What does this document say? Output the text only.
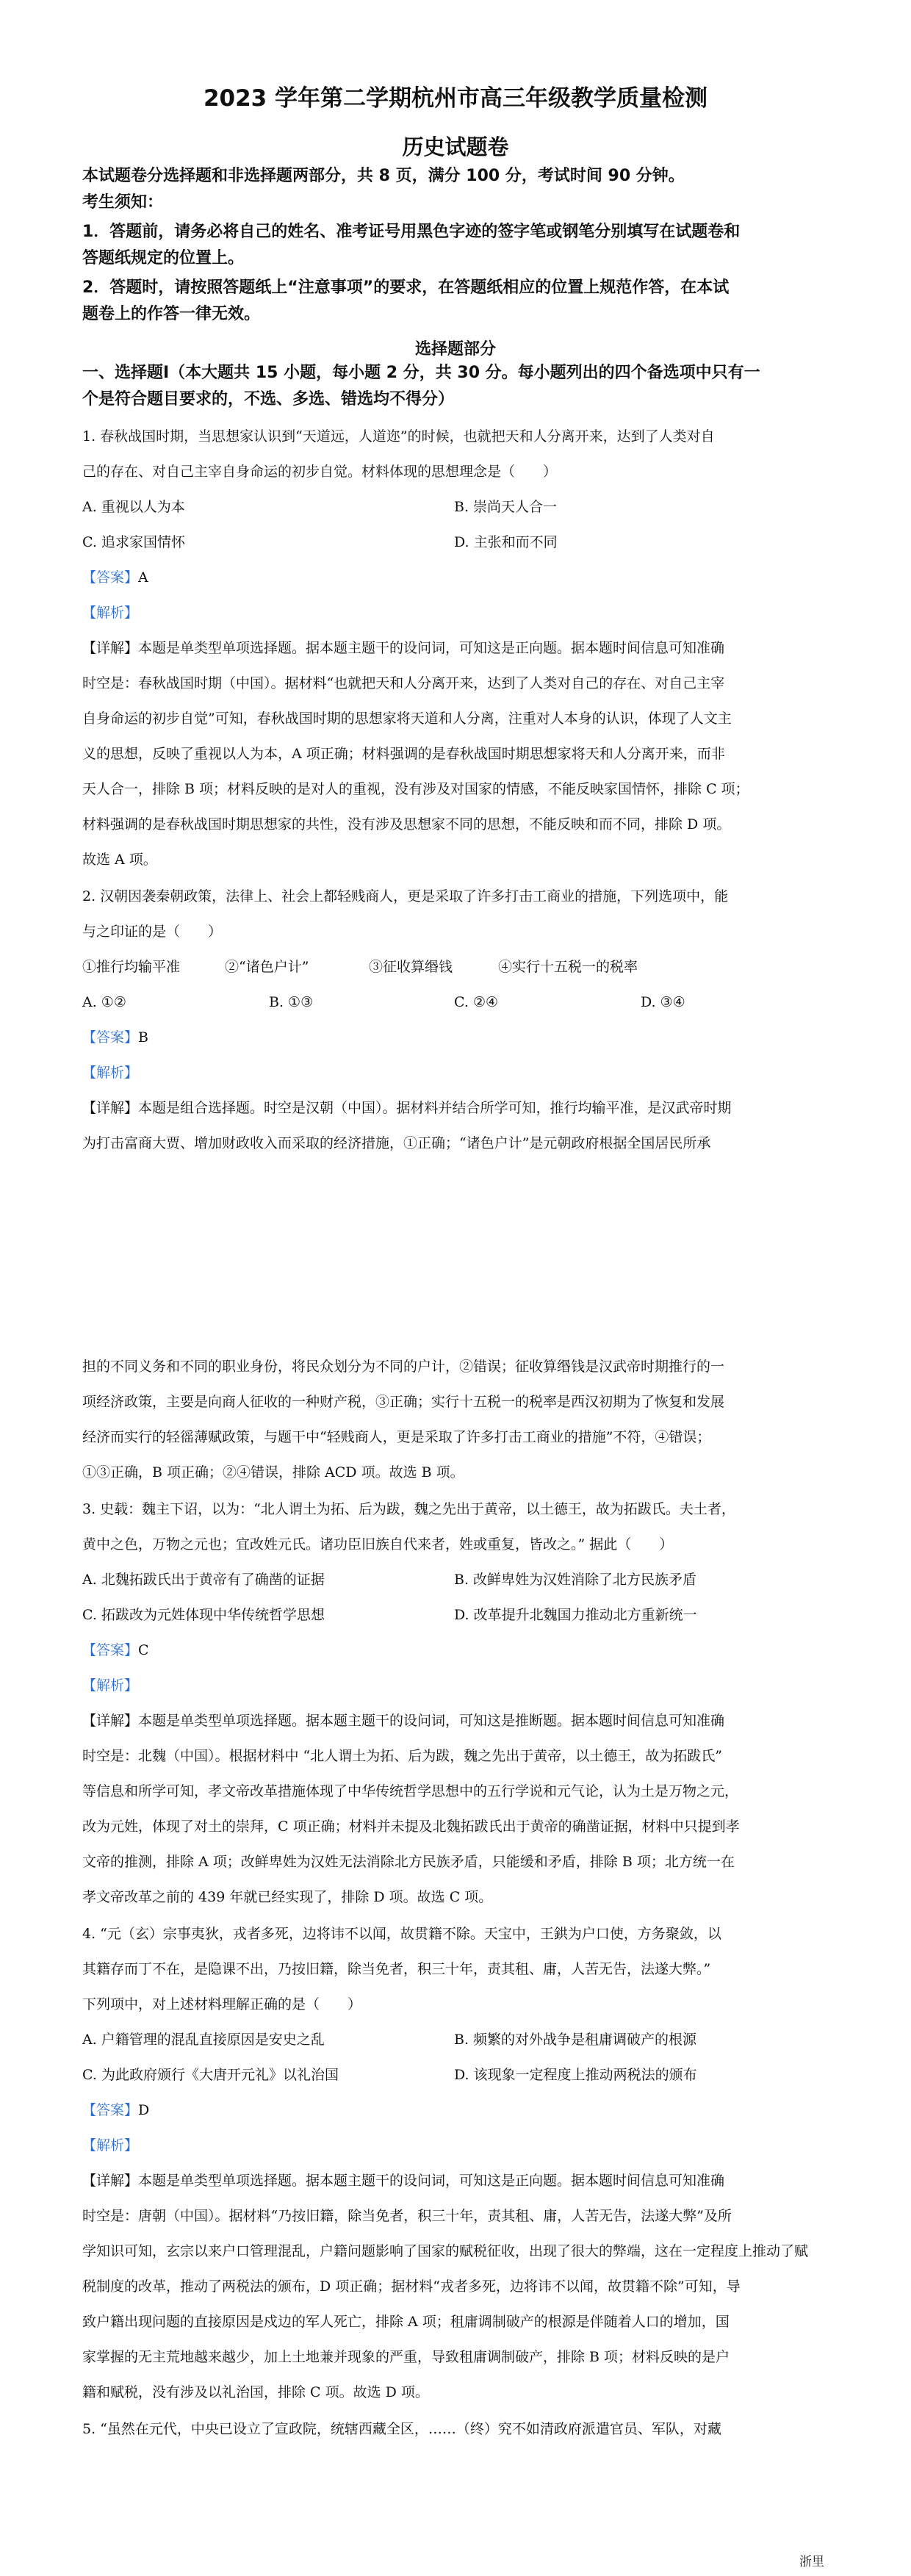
2023 学年第二学期杭州市高三年级教学质量检测
历史试题卷
本试题卷分选择题和非选择题两部分，共 8 页，满分 100 分，考试时间 90 分钟。
考生须知：
1．答题前，请务必将自己的姓名、准考证号用黑色字迹的签字笔或钢笔分别填写在试题卷和
答题纸规定的位置上。
2．答题时，请按照答题纸上“注意事项”的要求，在答题纸相应的位置上规范作答，在本试
题卷上的作答一律无效。
选择题部分
一、选择题Ⅰ（本大题共 15 小题，每小题 2 分，共 30 分。每小题列出的四个备选项中只有一
个是符合题目要求的，不选、多选、错选均不得分）
1. 春秋战国时期，当思想家认识到“天道远，人道迩”的时候，也就把天和人分离开来，达到了人类对自
己的存在、对自己主宰自身命运的初步自觉。材料体现的思想理念是（　　）
A. 重视以人为本	B. 崇尚天人合一
C. 追求家国情怀	D. 主张和而不同
【答案】A
【解析】
【详解】本题是单类型单项选择题。据本题主题干的设问词，可知这是正向题。据本题时间信息可知准确
时空是：春秋战国时期（中国）。据材料“也就把天和人分离开来，达到了人类对自己的存在、对自己主宰
自身命运的初步自觉”可知，春秋战国时期的思想家将天道和人分离，注重对人本身的认识，体现了人文主
义的思想，反映了重视以人为本，A 项正确；材料强调的是春秋战国时期思想家将天和人分离开来，而非
天人合一，排除 B 项；材料反映的是对人的重视，没有涉及对国家的情感，不能反映家国情怀，排除 C 项；
材料强调的是春秋战国时期思想家的共性，没有涉及思想家不同的思想，不能反映和而不同，排除 D 项。
故选 A 项。
2. 汉朝因袭秦朝政策，法律上、社会上都轻贱商人，更是采取了许多打击工商业的措施，下列选项中，能
与之印证的是（　　）
①推行均输平准	②“诸色户计”	③征收算缗钱	④实行十五税一的税率
A. ①②	B. ①③	C. ②④	D. ③④
【答案】B
【解析】
【详解】本题是组合选择题。时空是汉朝（中国）。据材料并结合所学可知，推行均输平准，是汉武帝时期
为打击富商大贾、增加财政收入而采取的经济措施，①正确；“诸色户计”是元朝政府根据全国居民所承
担的不同义务和不同的职业身份，将民众划分为不同的户计，②错误；征收算缗钱是汉武帝时期推行的一
项经济政策，主要是向商人征收的一种财产税，③正确；实行十五税一的税率是西汉初期为了恢复和发展
经济而实行的轻徭薄赋政策，与题干中“轻贱商人，更是采取了许多打击工商业的措施”不符，④错误；
①③正确，B 项正确；②④错误，排除 ACD 项。故选 B 项。
3. 史载：魏主下诏，以为：“北人谓土为拓、后为跋，魏之先出于黄帝，以土德王，故为拓跋氏。夫土者，
黄中之色，万物之元也；宜改姓元氏。诸功臣旧族自代来者，姓或重复，皆改之。” 据此（　　）
A. 北魏拓跋氏出于黄帝有了确凿的证据	B. 改鲜卑姓为汉姓消除了北方民族矛盾
C. 拓跋改为元姓体现中华传统哲学思想	D. 改革提升北魏国力推动北方重新统一
【答案】C
【解析】
【详解】本题是单类型单项选择题。据本题主题干的设问词，可知这是推断题。据本题时间信息可知准确
时空是：北魏（中国）。根据材料中 “北人谓土为拓、后为跋，魏之先出于黄帝，以土德王，故为拓跋氏”
等信息和所学可知，孝文帝改革措施体现了中华传统哲学思想中的五行学说和元气论，认为土是万物之元，
改为元姓，体现了对土的崇拜，C 项正确；材料并未提及北魏拓跋氏出于黄帝的确凿证据，材料中只提到孝
文帝的推测，排除 A 项；改鲜卑姓为汉姓无法消除北方民族矛盾，只能缓和矛盾，排除 B 项；北方统一在
孝文帝改革之前的 439 年就已经实现了，排除 D 项。故选 C 项。
4. “元（玄）宗事夷狄，戎者多死，边将讳不以闻，故贯籍不除。天宝中，王鉷为户口使，方务聚敛，以
其籍存而丁不在，是隐课不出，乃按旧籍，除当免者，积三十年，责其租、庸，人苦无告，法遂大弊。”
下列项中，对上述材料理解正确的是（　　）
A. 户籍管理的混乱直接原因是安史之乱	B. 频繁的对外战争是租庸调破产的根源
C. 为此政府颁行《大唐开元礼》以礼治国	D. 该现象一定程度上推动两税法的颁布
【答案】D
【解析】
【详解】本题是单类型单项选择题。据本题主题干的设问词，可知这是正向题。据本题时间信息可知准确
时空是：唐朝（中国）。据材料“乃按旧籍，除当免者，积三十年，责其租、庸，人苦无告，法遂大弊”及所
学知识可知，玄宗以来户口管理混乱，户籍问题影响了国家的赋税征收，出现了很大的弊端，这在一定程度上推动了赋
税制度的改革，推动了两税法的颁布，D 项正确；据材料“戎者多死，边将讳不以闻，故贯籍不除”可知，导
致户籍出现问题的直接原因是戍边的军人死亡，排除 A 项；租庸调制破产的根源是伴随着人口的增加，国
家掌握的无主荒地越来越少，加上土地兼并现象的严重，导致租庸调制破产，排除 B 项；材料反映的是户
籍和赋税，没有涉及以礼治国，排除 C 项。故选 D 项。
5. “虽然在元代，中央已设立了宣政院，统辖西藏全区，……（终）究不如清政府派遣官员、军队，对藏
浙里
